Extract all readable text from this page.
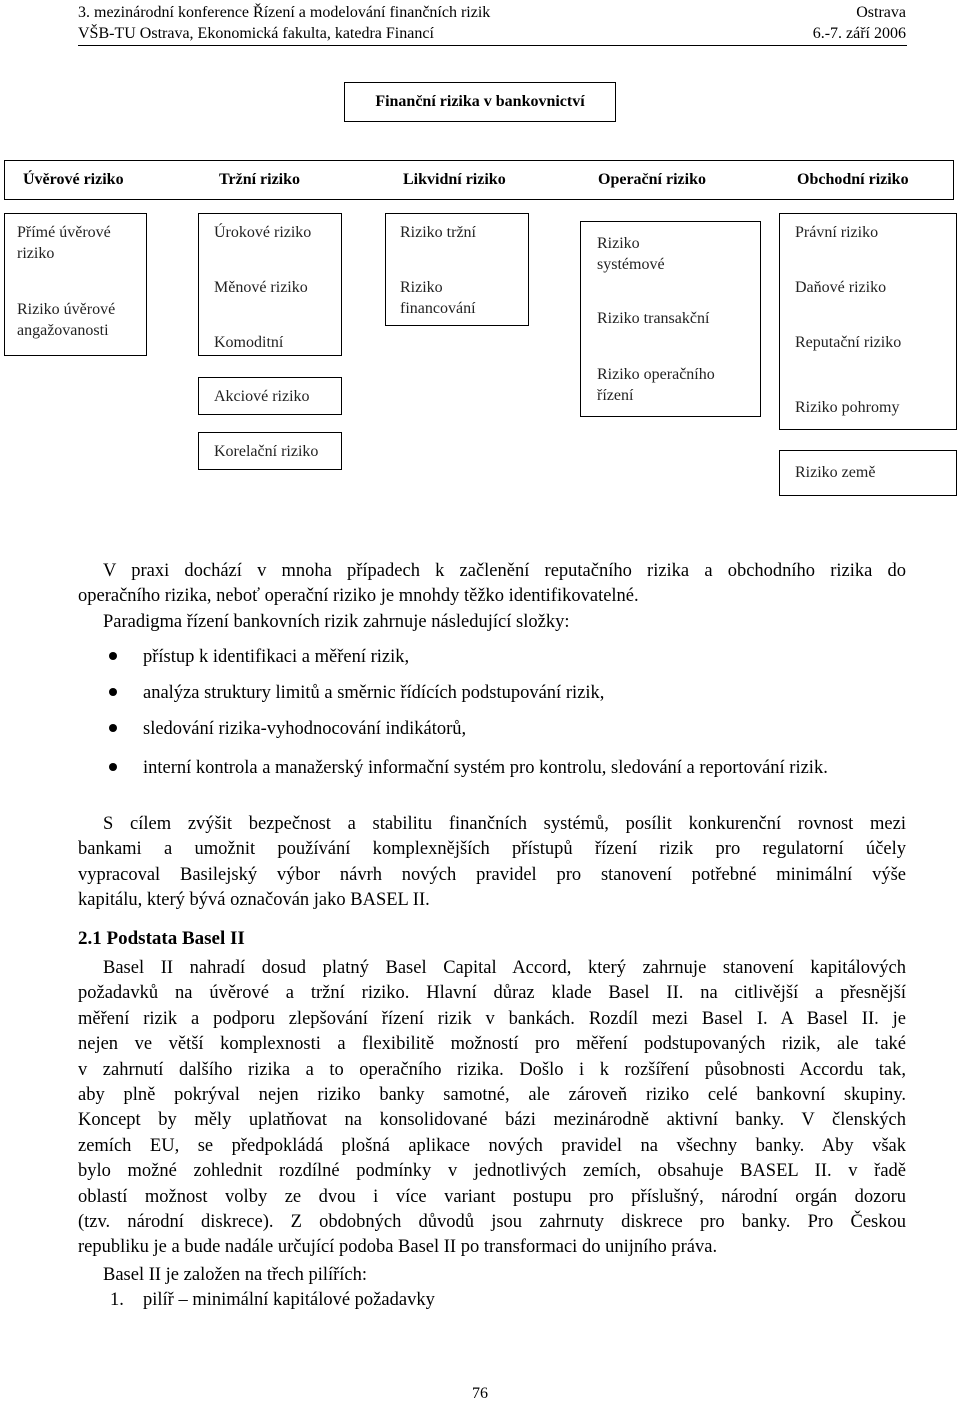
3. mezinárodní konference Řízení a modelování finančních rizik	Ostrava
VŠB-TU Ostrava, Ekonomická fakulta, katedra Financí	6.-7. září 2006
Finanční rizika v bankovnictví
Úvěrové riziko	Tržní riziko	Likvidní riziko	Operační riziko	Obchodní riziko
Přímé úvěrové riziko
Riziko úvěrové angažovanosti
Úrokové riziko
Měnové riziko
Komoditní
Akciové riziko
Korelační riziko
Riziko tržní
Riziko financování
Riziko systémové
Riziko transakční
Riziko operačního řízení
Právní riziko
Daňové riziko
Reputační riziko
Riziko pohromy
Riziko země
V praxi dochází v mnoha případech k začlenění reputačního rizika a obchodního rizika do
operačního rizika, neboť operační riziko je mnohdy těžko identifikovatelné.
Paradigma řízení bankovních rizik zahrnuje následující složky:
přístup k identifikaci a měření rizik,
analýza struktury limitů a směrnic řídících podstupování rizik,
sledování rizika-vyhodnocování indikátorů,
interní kontrola a manažerský informační systém pro kontrolu, sledování a reportování rizik.
S cílem zvýšit bezpečnost a stabilitu finančních systémů, posílit konkurenční rovnost mezi
bankami a umožnit používání komplexnějších přístupů řízení rizik pro regulatorní účely
vypracoval Basilejský výbor návrh nových pravidel pro stanovení potřebné minimální výše
kapitálu, který bývá označován jako BASEL II.
2.1 Podstata Basel II
Basel II nahradí dosud platný Basel Capital Accord, který zahrnuje stanovení kapitálových
požadavků na úvěrové a tržní riziko. Hlavní důraz klade Basel II. na citlivější a přesnější
měření rizik a podporu zlepšování řízení rizik v bankách. Rozdíl mezi Basel I. A Basel II. je
nejen ve větší komplexnosti a flexibilitě možností pro měření podstupovaných rizik, ale také
v zahrnutí dalšího rizika a to operačního rizika. Došlo i k rozšíření působnosti Accordu tak,
aby plně pokrýval nejen riziko banky samotné, ale zároveň riziko celé bankovní skupiny.
Koncept by měly uplatňovat na konsolidované bázi mezinárodně aktivní banky. V členských
zemích EU, se předpokládá plošná aplikace nových pravidel na všechny banky. Aby však
bylo možné zohlednit rozdílné podmínky v jednotlivých zemích, obsahuje BASEL II. v řadě
oblastí možnost volby ze dvou i více variant postupu pro příslušný, národní orgán dozoru
(tzv. národní diskrece). Z obdobných důvodů jsou zahrnuty diskrece pro banky. Pro Českou
republiku je a bude nadále určující podoba Basel II po transformaci do unijního práva.
Basel II je založen na třech pilířích:
1.	pilíř – minimální kapitálové požadavky
76
